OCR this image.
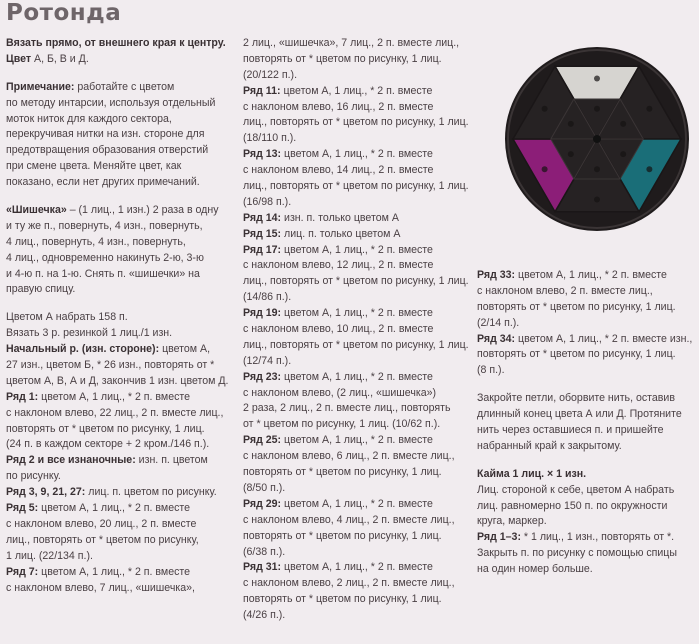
Ротонда
Вязать прямо, от внешнего края к центру.
Цвет А, Б, В и Д.
Примечание: работайте с цветом
по методу интарсии, используя отдельный
моток ниток для каждого сектора,
перекручивая нитки на изн. стороне для
предотвращения образования отверстий
при смене цвета. Меняйте цвет, как
показано, если нет других примечаний.
«Шишечка» – (1 лиц., 1 изн.) 2 раза в одну
и ту же п., повернуть, 4 изн., повернуть,
4 лиц., повернуть, 4 изн., повернуть,
4 лиц., одновременно накинуть 2-ю, 3-ю
и 4-ю п. на 1-ю. Снять п. «шишечки» на
правую спицу.
Цветом А набрать 158 п.
Вязать 3 р. резинкой 1 лиц./1 изн.
Начальный р. (изн. стороне): цветом А,
27 изн., цветом Б, * 26 изн., повторять от *
цветом А, В, А и Д, закончив 1 изн. цветом Д.
Ряд 1: цветом А, 1 лиц., * 2 п. вместе
с наклоном влево, 22 лиц., 2 п. вместе лиц.,
повторять от * цветом по рисунку, 1 лиц.
(24 п. в каждом секторе + 2 кром./146 п.).
Ряд 2 и все изнаночные: изн. п. цветом
по рисунку.
Ряд 3, 9, 21, 27: лиц. п. цветом по рисунку.
Ряд 5: цветом А, 1 лиц., * 2 п. вместе
с наклоном влево, 20 лиц., 2 п. вместе
лиц., повторять от * цветом по рисунку,
1 лиц. (22/134 п.).
Ряд 7: цветом А, 1 лиц., * 2 п. вместе
с наклоном влево, 7 лиц., «шишечка»,
2 лиц., «шишечка», 7 лиц., 2 п. вместе лиц.,
повторять от * цветом по рисунку, 1 лиц.
(20/122 п.).
Ряд 11: цветом А, 1 лиц., * 2 п. вместе
с наклоном влево, 16 лиц., 2 п. вместе
лиц., повторять от * цветом по рисунку, 1 лиц.
(18/110 п.).
Ряд 13: цветом А, 1 лиц., * 2 п. вместе
с наклоном влево, 14 лиц., 2 п. вместе
лиц., повторять от * цветом по рисунку, 1 лиц.
(16/98 п.).
Ряд 14: изн. п. только цветом А
Ряд 15: лиц. п. только цветом А
Ряд 17: цветом А, 1 лиц., * 2 п. вместе
с наклоном влево, 12 лиц., 2 п. вместе
лиц., повторять от * цветом по рисунку, 1 лиц.
(14/86 п.).
Ряд 19: цветом А, 1 лиц., * 2 п. вместе
с наклоном влево, 10 лиц., 2 п. вместе
лиц., повторять от * цветом по рисунку, 1 лиц.
(12/74 п.).
Ряд 23: цветом А, 1 лиц., * 2 п. вместе
с наклоном влево, (2 лиц., «шишечка»)
2 раза, 2 лиц., 2 п. вместе лиц., повторять
от * цветом по рисунку, 1 лиц. (10/62 п.).
Ряд 25: цветом А, 1 лиц., * 2 п. вместе
с наклоном влево, 6 лиц., 2 п. вместе лиц.,
повторять от * цветом по рисунку, 1 лиц.
(8/50 п.).
Ряд 29: цветом А, 1 лиц., * 2 п. вместе
с наклоном влево, 4 лиц., 2 п. вместе лиц.,
повторять от * цветом по рисунку, 1 лиц.
(6/38 п.).
Ряд 31: цветом А, 1 лиц., * 2 п. вместе
с наклоном влево, 2 лиц., 2 п. вместе лиц.,
повторять от * цветом по рисунку, 1 лиц.
(4/26 п.).
Ряд 33: цветом А, 1 лиц., * 2 п. вместе
с наклоном влево, 2 п. вместе лиц.,
повторять от * цветом по рисунку, 1 лиц.
(2/14 п.).
Ряд 34: цветом А, 1 лиц., * 2 п. вместе изн.,
повторять от * цветом по рисунку, 1 лиц.
(8 п.).
Закройте петли, оборвите нить, оставив
длинный конец цвета А или Д. Протяните
нить через оставшиеся п. и пришейте
набранный край к закрытому.
Кайма 1 лиц. × 1 изн.
Лиц. стороной к себе, цветом А набрать
лиц. равномерно 150 п. по окружности
круга, маркер.
Ряд 1–3: * 1 лиц., 1 изн., повторять от *.
Закрыть п. по рисунку с помощью спицы
на один номер больше.
